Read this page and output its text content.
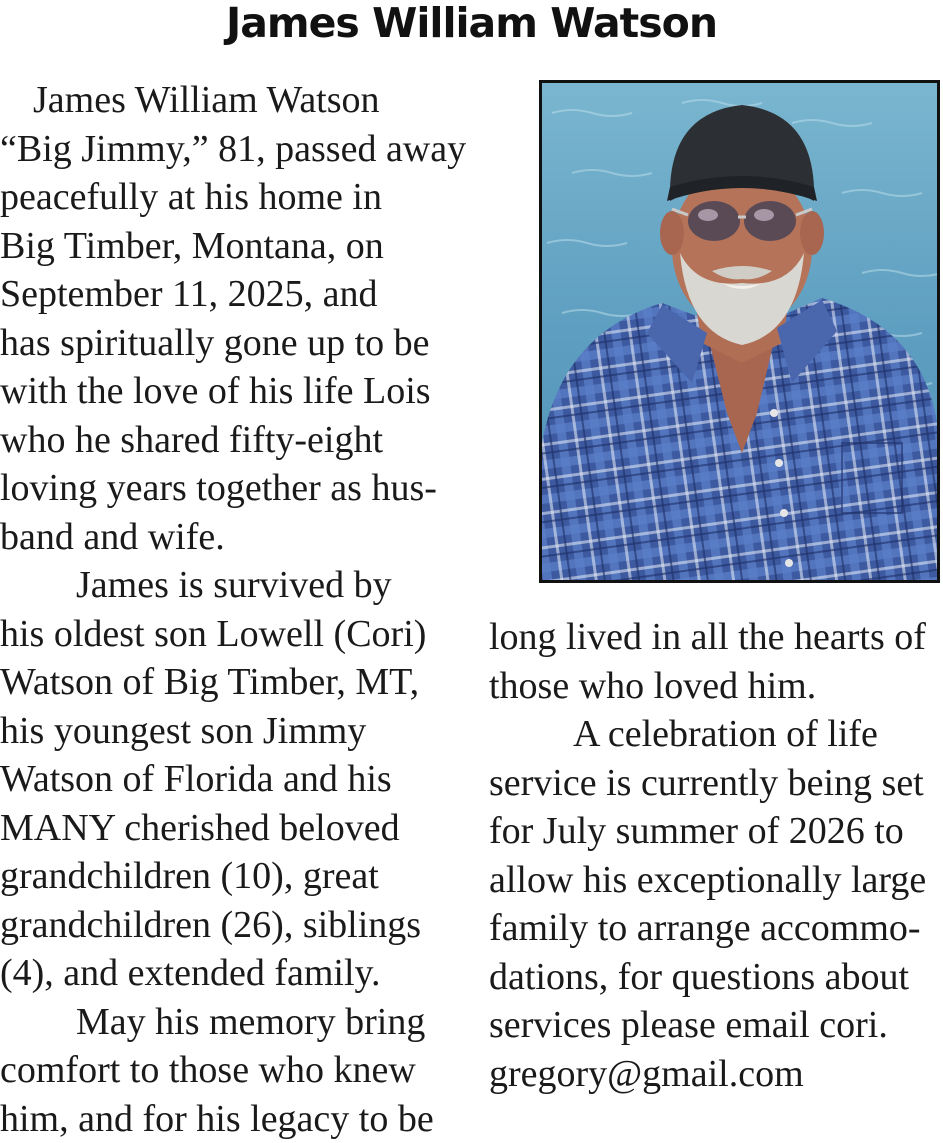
James William Watson
James William Watson
“Big Jimmy,” 81, passed away
peacefully at his home in
Big Timber, Montana, on
September 11, 2025, and
has spiritually gone up to be
with the love of his life Lois
who he shared fifty-eight
loving years together as hus-
band and wife.
James is survived by
his oldest son Lowell (Cori)
Watson of Big Timber, MT,
his youngest son Jimmy
Watson of Florida and his
MANY cherished beloved
grandchildren (10), great
grandchildren (26), siblings
(4), and extended family.
May his memory bring
comfort to those who knew
him, and for his legacy to be
long lived in all the hearts of
those who loved him.
A celebration of life
service is currently being set
for July summer of 2026 to
allow his exceptionally large
family to arrange accommo-
dations, for questions about
services please email cori.
gregory@gmail.com
